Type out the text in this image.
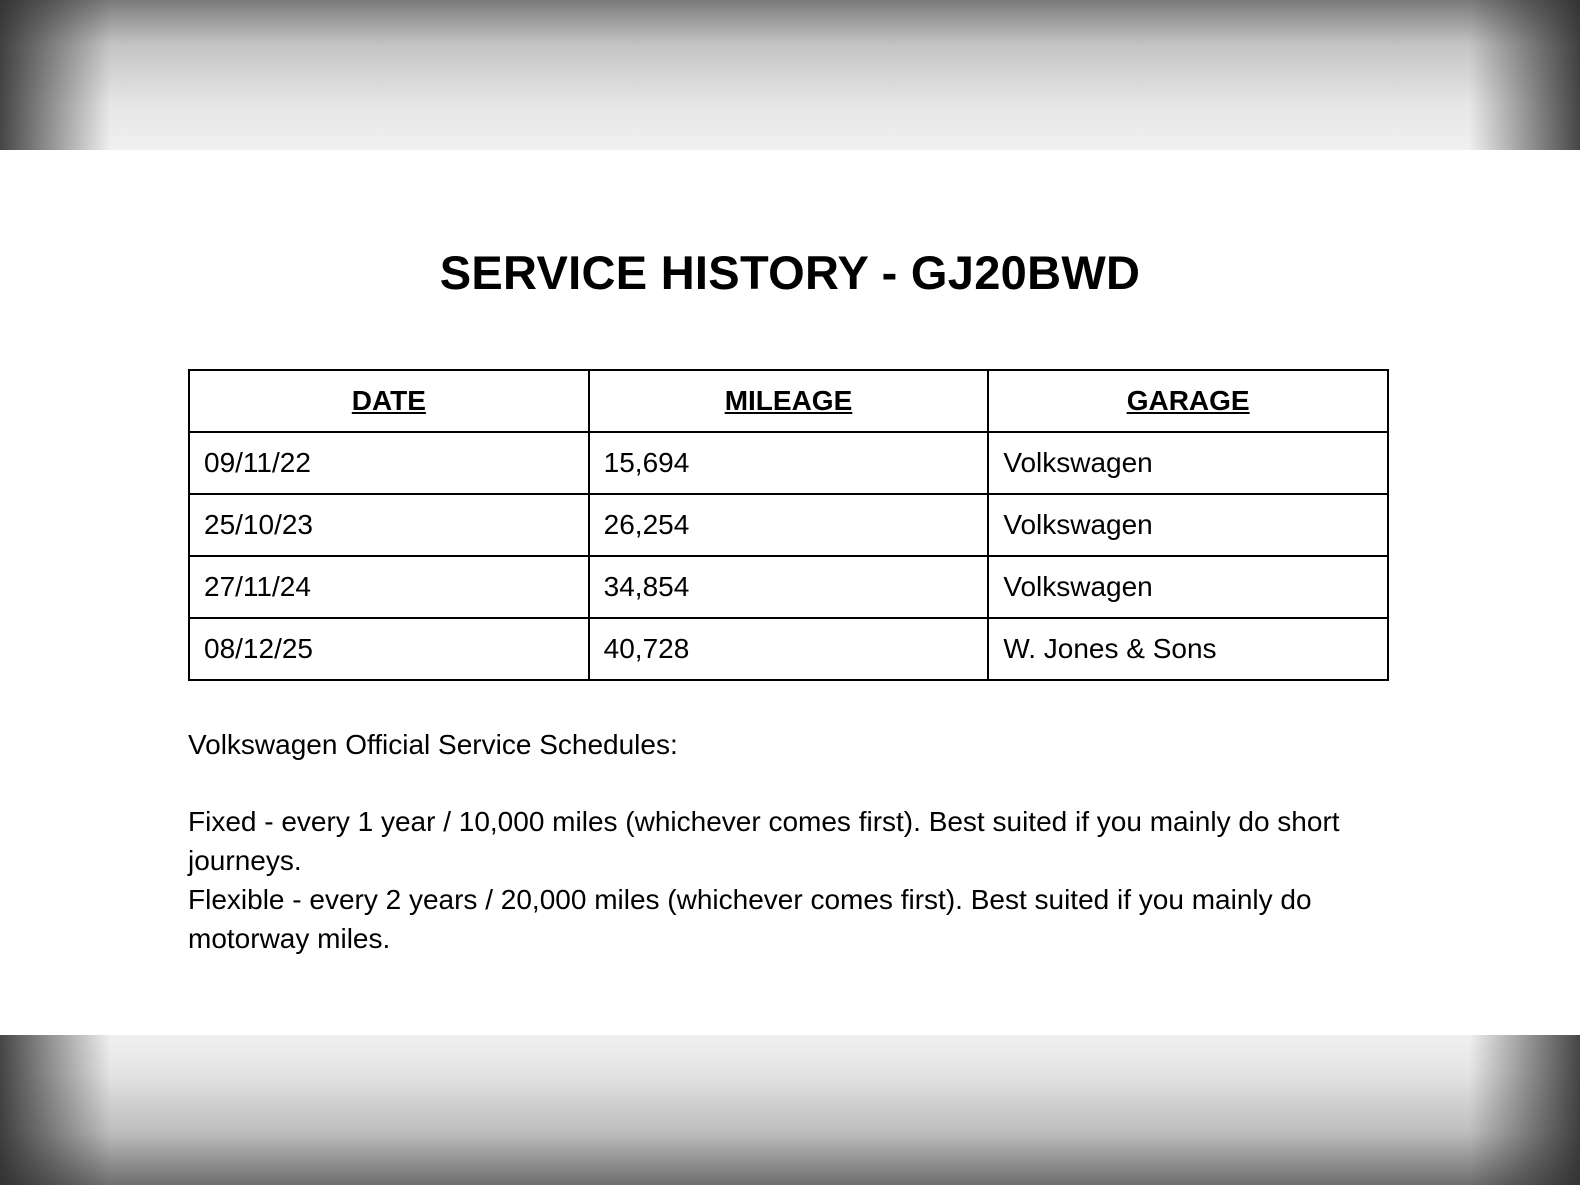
SERVICE HISTORY - GJ20BWD
DATE	MILEAGE	GARAGE
09/11/22	15,694	Volkswagen
25/10/23	26,254	Volkswagen
27/11/24	34,854	Volkswagen
08/12/25	40,728	W. Jones & Sons

Volkswagen Official Service Schedules:

Fixed - every 1 year / 10,000 miles (whichever comes first). Best suited if you mainly do short journeys.

Flexible - every 2 years / 20,000 miles (whichever comes first). Best suited if you mainly do motorway miles.
